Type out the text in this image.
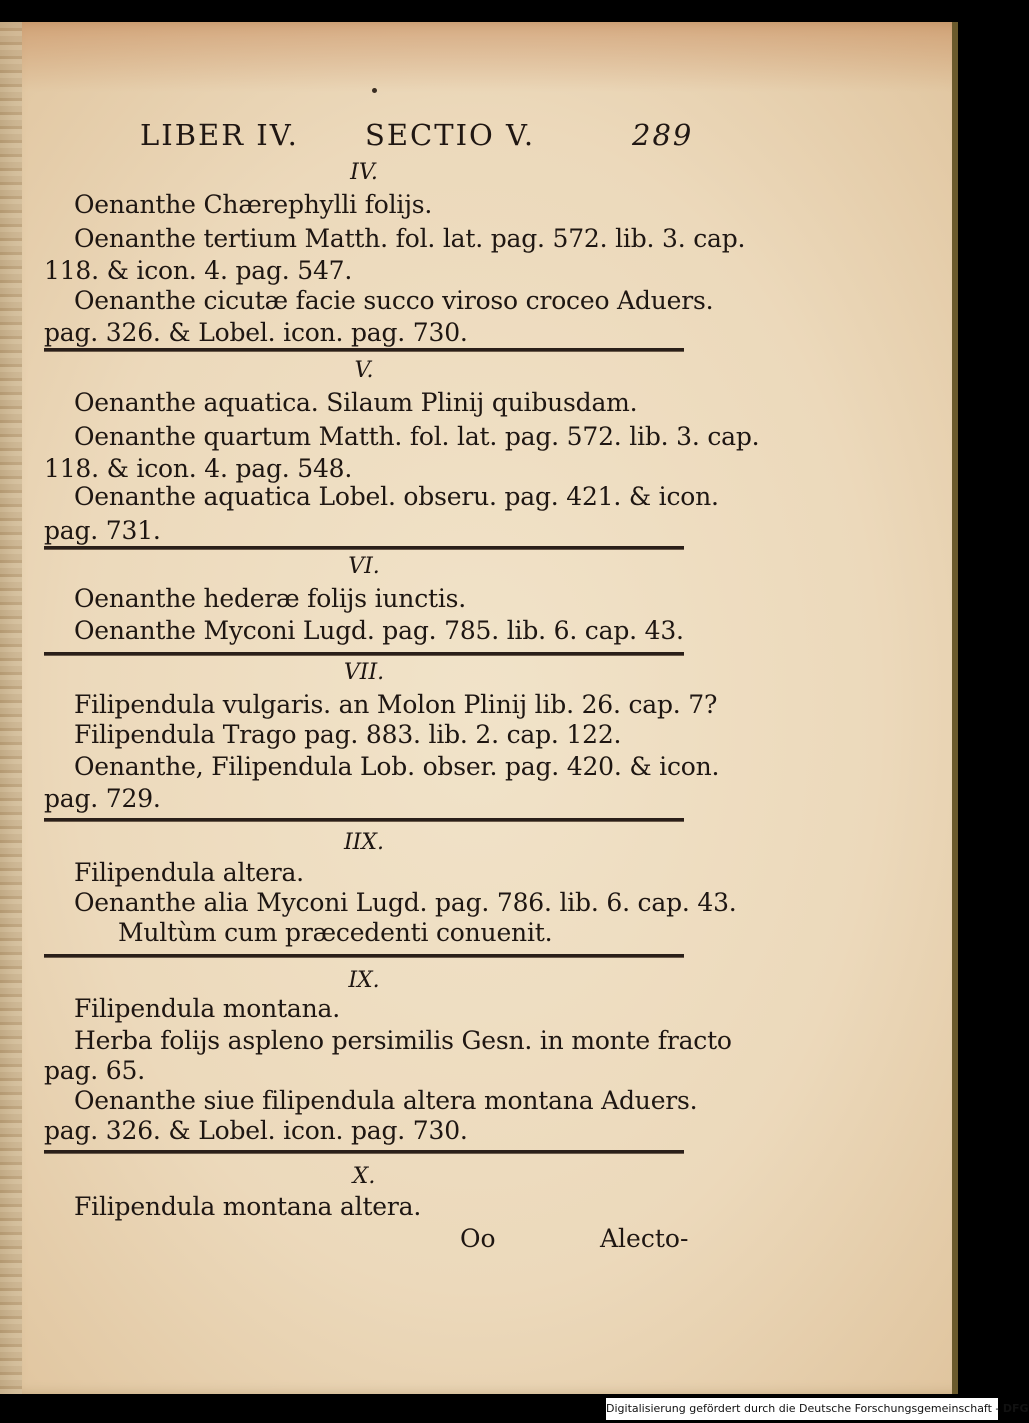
LIBER IV. SECTIO V.	289
IV.
Oenanthe Chærephylli folijs.
Oenanthe tertium Matth. fol. lat. pag. 572. lib. 3. cap.
118. & icon. 4. pag. 547.
Oenanthe cicutæ facie succo viroso croceo Aduers.
pag. 326. & Lobel. icon. pag. 730.
V.
Oenanthe aquatica. Silaum Plinij quibusdam.
Oenanthe quartum Matth. fol. lat. pag. 572. lib. 3. cap.
118. & icon. 4. pag. 548.
Oenanthe aquatica Lobel. obseru. pag. 421. & icon.
pag. 731.
VI.
Oenanthe hederæ folijs iunctis.
Oenanthe Myconi Lugd. pag. 785. lib. 6. cap. 43.
VII.
Filipendula vulgaris. an Molon Plinij lib. 26. cap. 7?
Filipendula Trago pag. 883. lib. 2. cap. 122.
Oenanthe, Filipendula Lob. obser. pag. 420. & icon.
pag. 729.
IIX.
Filipendula altera.
Oenanthe alia Myconi Lugd. pag. 786. lib. 6. cap. 43.
Multùm cum præcedenti conuenit.
IX.
Filipendula montana.
Herba folijs aspleno persimilis Gesn. in monte fracto
pag. 65.
Oenanthe siue filipendula altera montana Aduers.
pag. 326. & Lobel. icon. pag. 730.
X.
Filipendula montana altera.
Oo	Alecto-
Digitalisierung gefördert durch die Deutsche Forschungsgemeinschaft - DFG
